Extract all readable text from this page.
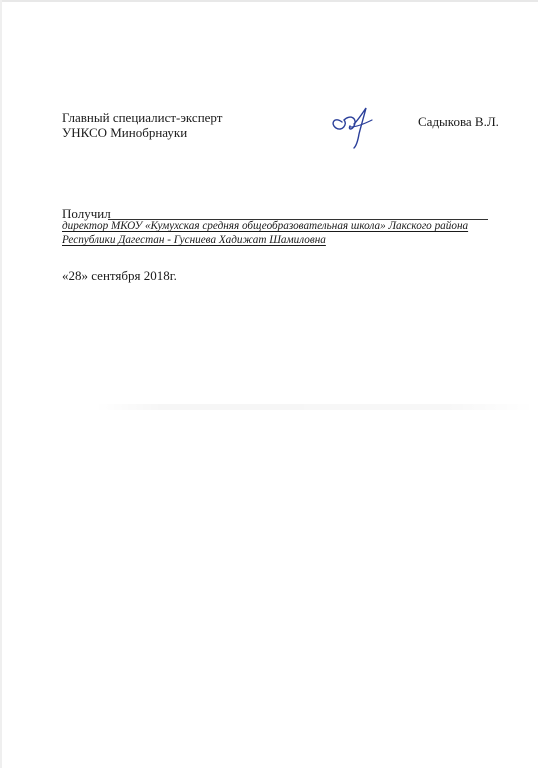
Главный специалист-эксперт
УНКСО Минобрнауки
Садыкова В.Л.
Получил
директор МКОУ «Кумухская средняя общеобразовательная школа» Лакского района
Республики Дагестан - Гусниева Хадижат Шамиловна
«28» сентября 2018г.
